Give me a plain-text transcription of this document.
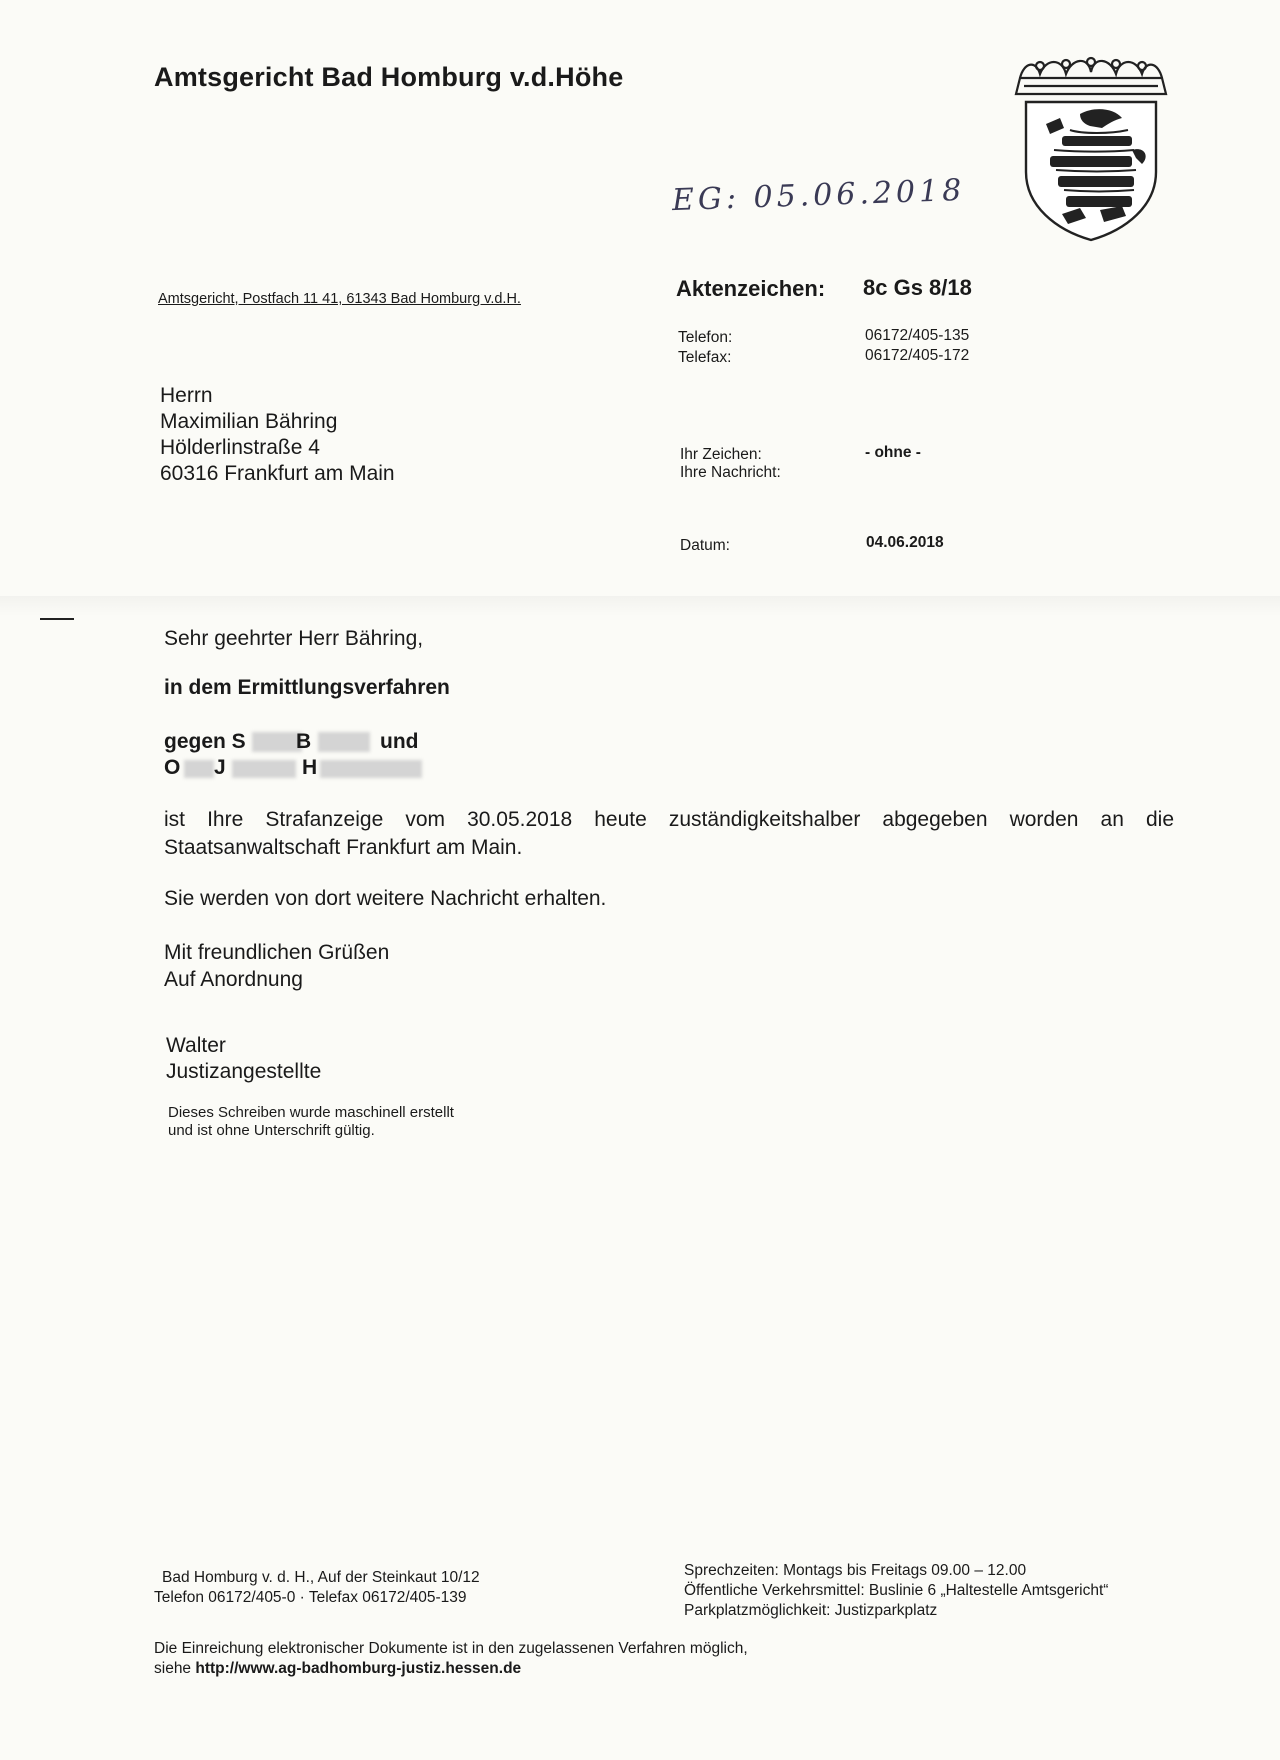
Amtsgericht Bad Homburg v.d.Höhe
EG: 05.06.2018
Amtsgericht, Postfach 11 41, 61343 Bad Homburg v.d.H.	Aktenzeichen: 8c Gs 8/18
Telefon:	06172/405-135
Telefax:	06172/405-172
Ihr Zeichen:	- ohne -
Ihre Nachricht:
Datum:	04.06.2018
Herrn
Maximilian Bähring
Hölderlinstraße 4
60316 Frankfurt am Main
Sehr geehrter Herr Bähring,
in dem Ermittlungsverfahren
gegen S B	und
O J	H
ist Ihre Strafanzeige vom 30.05.2018 heute zuständigkeitshalber abgegeben worden an die Staatsanwaltschaft Frankfurt am Main.
Sie werden von dort weitere Nachricht erhalten.
Mit freundlichen Grüßen
Auf Anordnung
Walter
Justizangestellte
Dieses Schreiben wurde maschinell erstellt
und ist ohne Unterschrift gültig.
Bad Homburg v. d. H., Auf der Steinkaut 10/12
Telefon 06172/405-0 · Telefax 06172/405-139
Sprechzeiten: Montags bis Freitags 09.00 – 12.00
Öffentliche Verkehrsmittel: Buslinie 6 „Haltestelle Amtsgericht“
Parkplatzmöglichkeit: Justizparkplatz
Die Einreichung elektronischer Dokumente ist in den zugelassenen Verfahren möglich,
siehe http://www.ag-badhomburg-justiz.hessen.de
